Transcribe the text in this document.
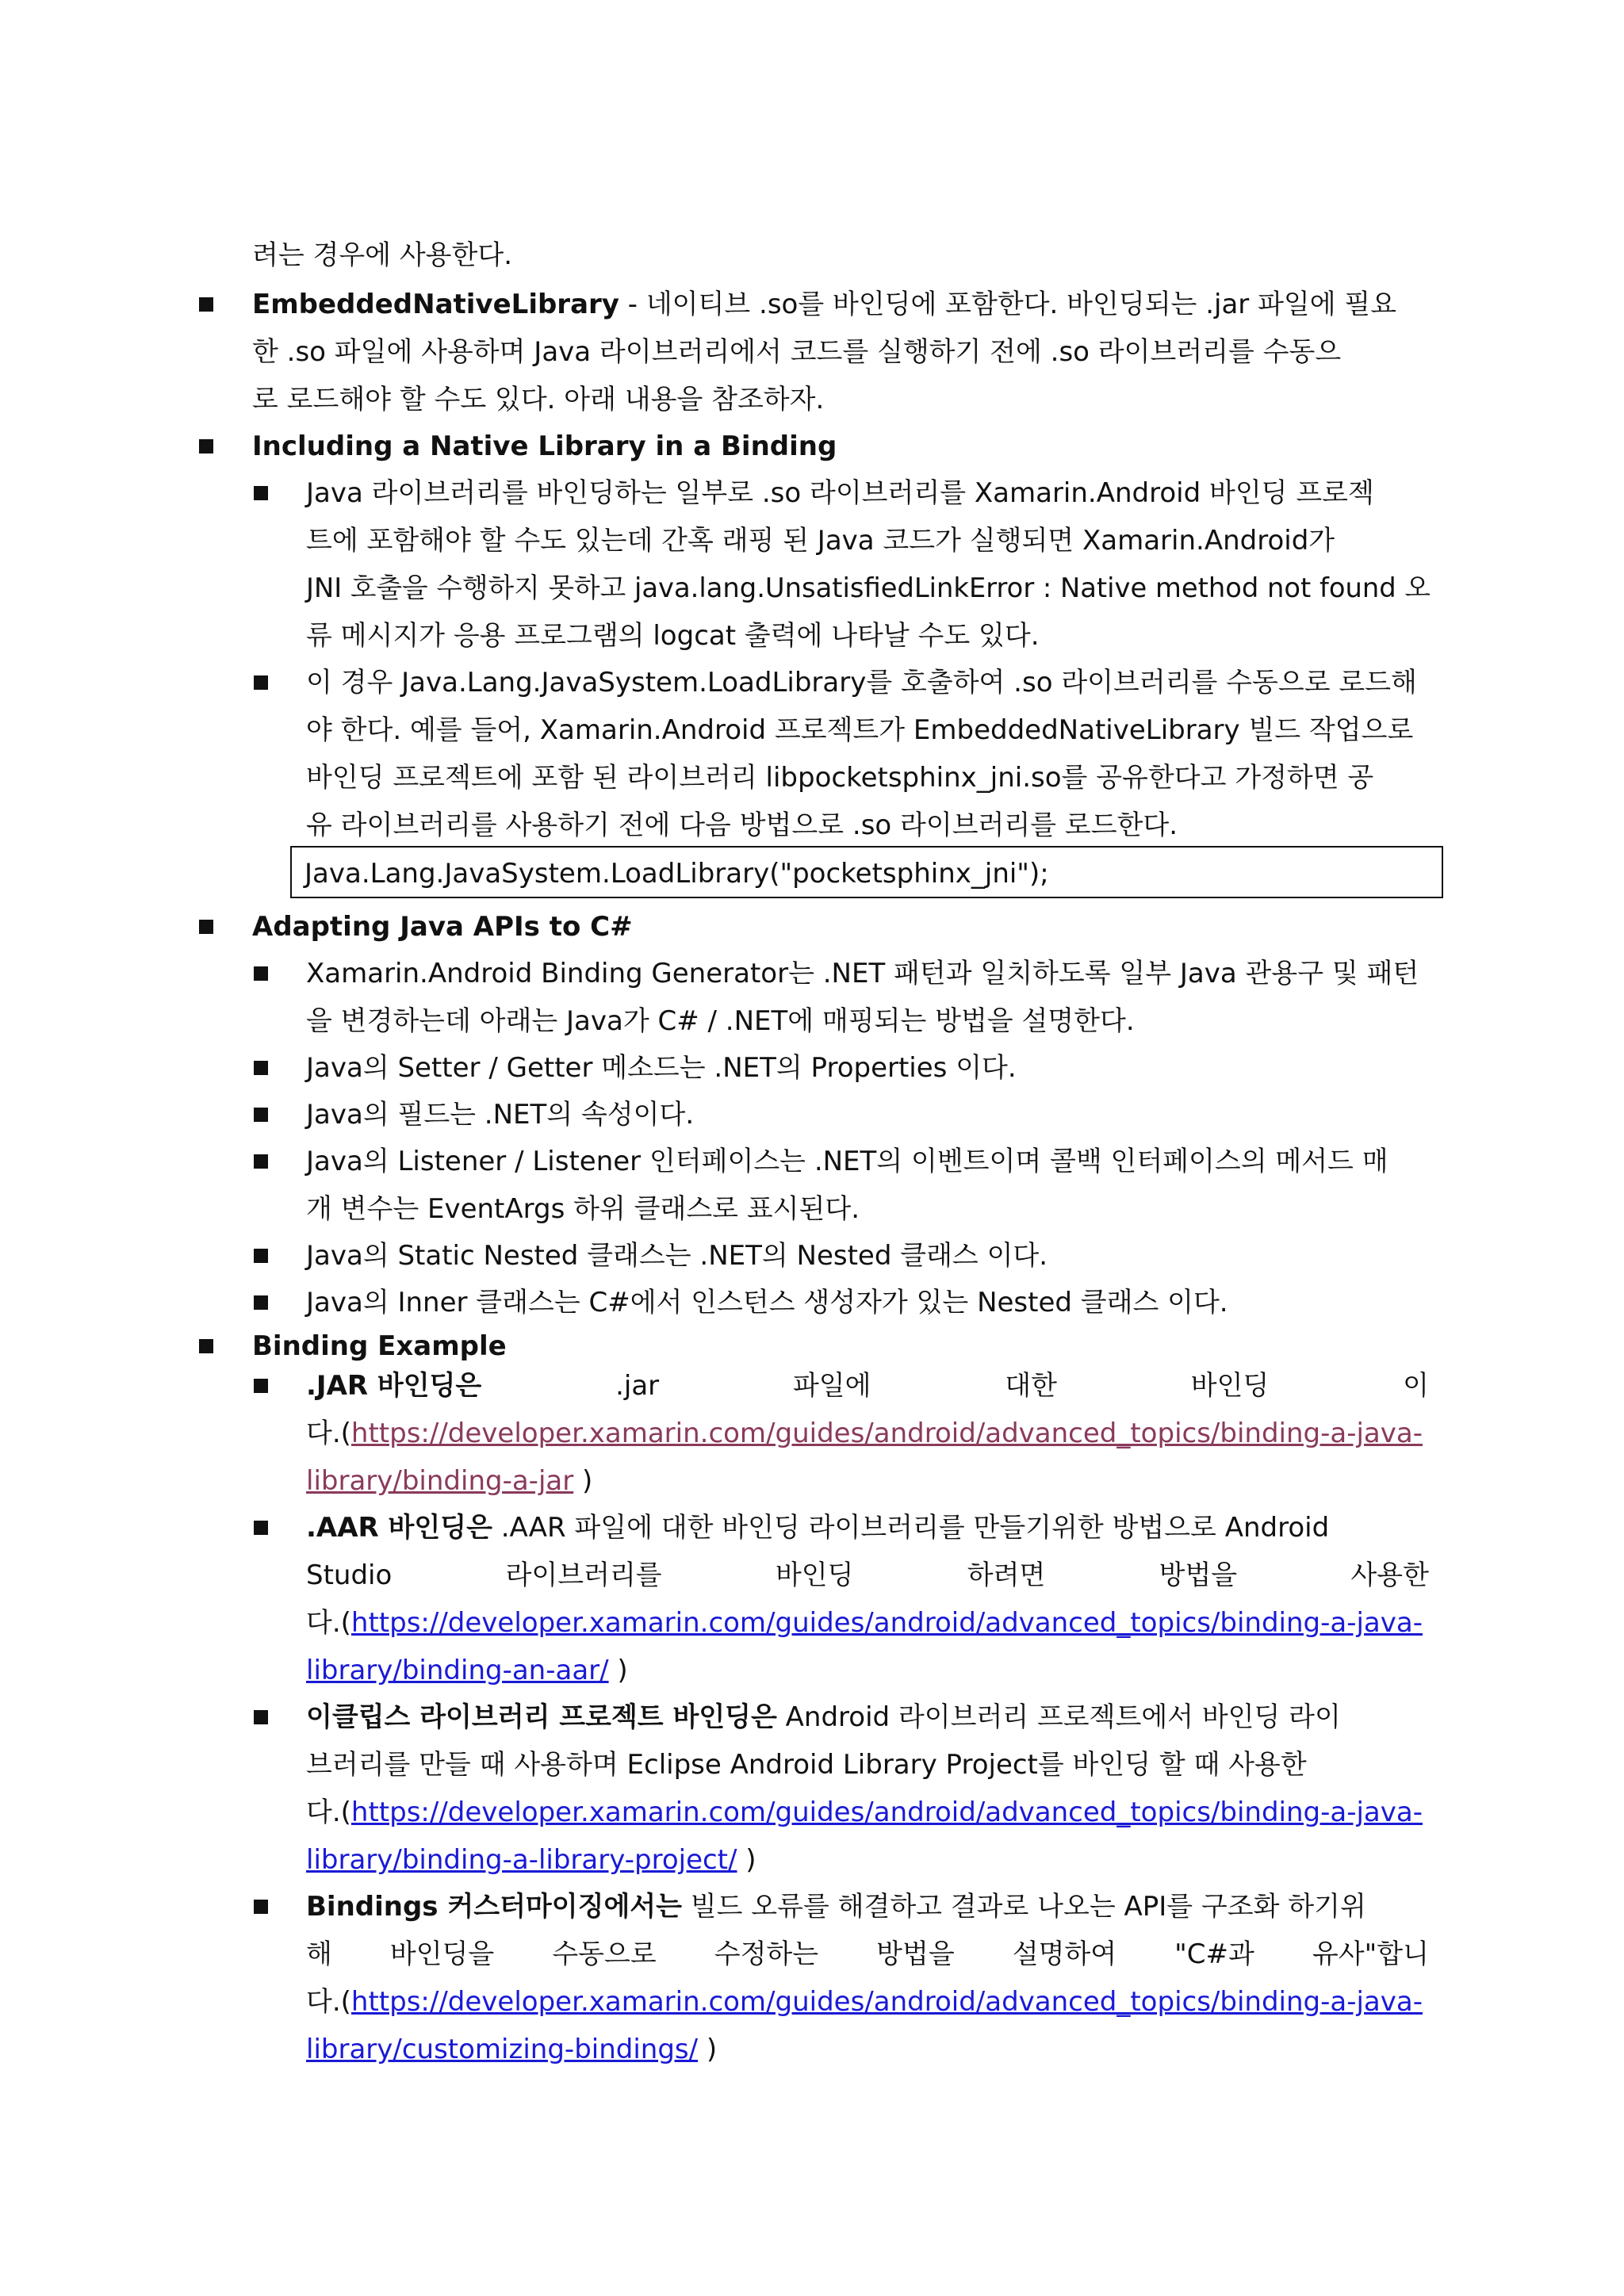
려는 경우에 사용한다.
EmbeddedNativeLibrary - 네이티브 .so를 바인딩에 포함한다. 바인딩되는 .jar 파일에 필요
한 .so 파일에 사용하며 Java 라이브러리에서 코드를 실행하기 전에 .so 라이브러리를 수동으
로 로드해야 할 수도 있다. 아래 내용을 참조하자.
Including a Native Library in a Binding
Java 라이브러리를 바인딩하는 일부로 .so 라이브러리를 Xamarin.Android 바인딩 프로젝
트에 포함해야 할 수도 있는데 간혹 래핑 된 Java 코드가 실행되면 Xamarin.Android가
JNI 호출을 수행하지 못하고 java.lang.UnsatisfiedLinkError : Native method not found 오
류 메시지가 응용 프로그램의 logcat 출력에 나타날 수도 있다.
이 경우 Java.Lang.JavaSystem.LoadLibrary를 호출하여 .so 라이브러리를 수동으로 로드해
야 한다. 예를 들어, Xamarin.Android 프로젝트가 EmbeddedNativeLibrary 빌드 작업으로
바인딩 프로젝트에 포함 된 라이브러리 libpocketsphinx_jni.so를 공유한다고 가정하면 공
유 라이브러리를 사용하기 전에 다음 방법으로 .so 라이브러리를 로드한다.
Java.Lang.JavaSystem.LoadLibrary("pocketsphinx_jni");
Adapting Java APIs to C#
Xamarin.Android Binding Generator는 .NET 패턴과 일치하도록 일부 Java 관용구 및 패턴
을 변경하는데 아래는 Java가 C# / .NET에 매핑되는 방법을 설명한다.
Java의 Setter / Getter 메소드는 .NET의 Properties 이다.
Java의 필드는 .NET의 속성이다.
Java의 Listener / Listener 인터페이스는 .NET의 이벤트이며 콜백 인터페이스의 메서드 매
개 변수는 EventArgs 하위 클래스로 표시된다.
Java의 Static Nested 클래스는 .NET의 Nested 클래스 이다.
Java의 Inner 클래스는 C#에서 인스턴스 생성자가 있는 Nested 클래스 이다.
Binding Example
.JAR 바인딩은	.jar	파일에	대한	바인딩	이
다.(https://developer.xamarin.com/guides/android/advanced_topics/binding-a-java-
library/binding-a-jar )
.AAR 바인딩은 .AAR 파일에 대한 바인딩 라이브러리를 만들기위한 방법으로 Android
Studio	라이브러리를	바인딩	하려면	방법을	사용한
다.(https://developer.xamarin.com/guides/android/advanced_topics/binding-a-java-
library/binding-an-aar/ )
이클립스 라이브러리 프로젝트 바인딩은 Android 라이브러리 프로젝트에서 바인딩 라이
브러리를 만들 때 사용하며 Eclipse Android Library Project를 바인딩 할 때 사용한
다.(https://developer.xamarin.com/guides/android/advanced_topics/binding-a-java-
library/binding-a-library-project/ )
Bindings 커스터마이징에서는 빌드 오류를 해결하고 결과로 나오는 API를 구조화 하기위
해 바인딩을 수동으로 수정하는 방법을 설명하여 "C#과 유사"합니
다.(https://developer.xamarin.com/guides/android/advanced_topics/binding-a-java-
library/customizing-bindings/ )
